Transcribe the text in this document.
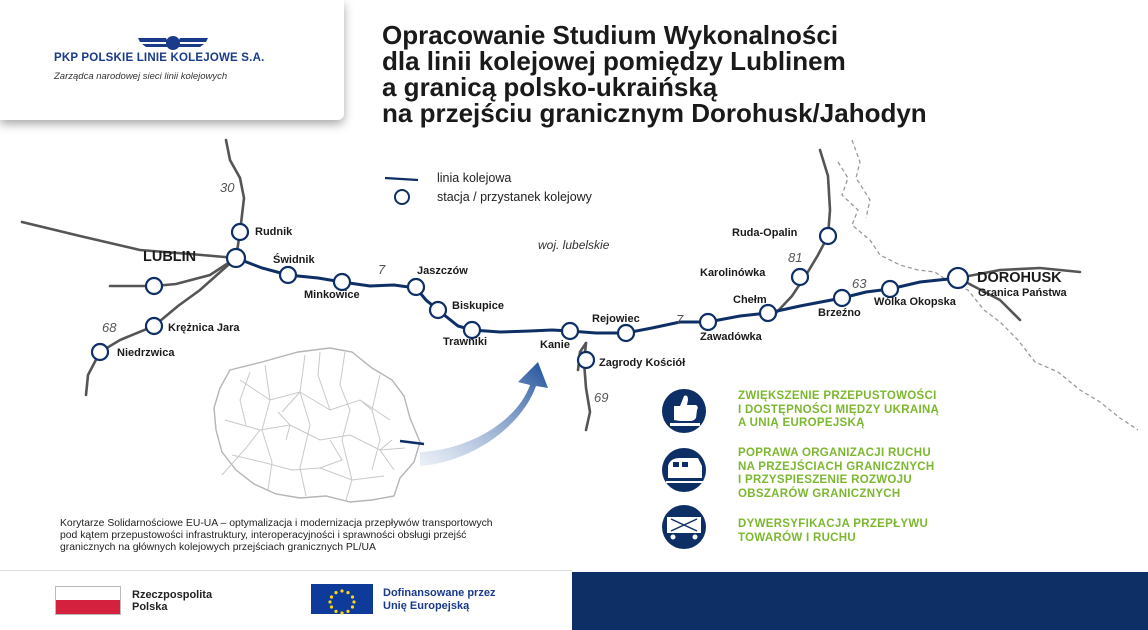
PKP POLSKIE LINIE KOLEJOWE S.A.
Zarządca narodowej sieci linii kolejowych
Opracowanie Studium Wykonalności
dla linii kolejowej pomiędzy Lublinem
a granicą polsko-ukraińską
na przejściu granicznym Dorohusk/Jahodyn
linia kolejowa
stacja / przystanek kolejowy
woj. lubelskie
30
68
7
7
81
63
69
LUBLIN
Rudnik
Świdnik
Minkowice
Jaszczów
Biskupice
Trawniki	Kanie
Rejowiec
Zagrody Kościół
Zawadówka
Chełm
Karolinówka
Ruda-Opalin
Brzeźno
Wólka Okopska
DOROHUSK
Granica Państwa
Krężnica Jara
Niedrzwica
ZWIĘKSZENIE PRZEPUSTOWOŚCI
I DOSTĘPNOŚCI MIĘDZY UKRAINĄ
A UNIĄ EUROPEJSKĄ
POPRAWA ORGANIZACJI RUCHU
NA PRZEJŚCIACH GRANICZNYCH
I PRZYSPIESZENIE ROZWOJU
OBSZARÓW GRANICZNYCH
DYWERSYFIKACJA PRZEPŁYWU
TOWARÓW I RUCHU
Korytarze Solidarnościowe EU-UA – optymalizacja i modernizacja przepływów transportowych
pod kątem przepustowości infrastruktury, interoperacyjności i sprawności obsługi przejść
granicznych na głównych kolejowych przejściach granicznych PL/UA
Rzeczpospolita
Polska
Dofinansowane przez
Unię Europejską
